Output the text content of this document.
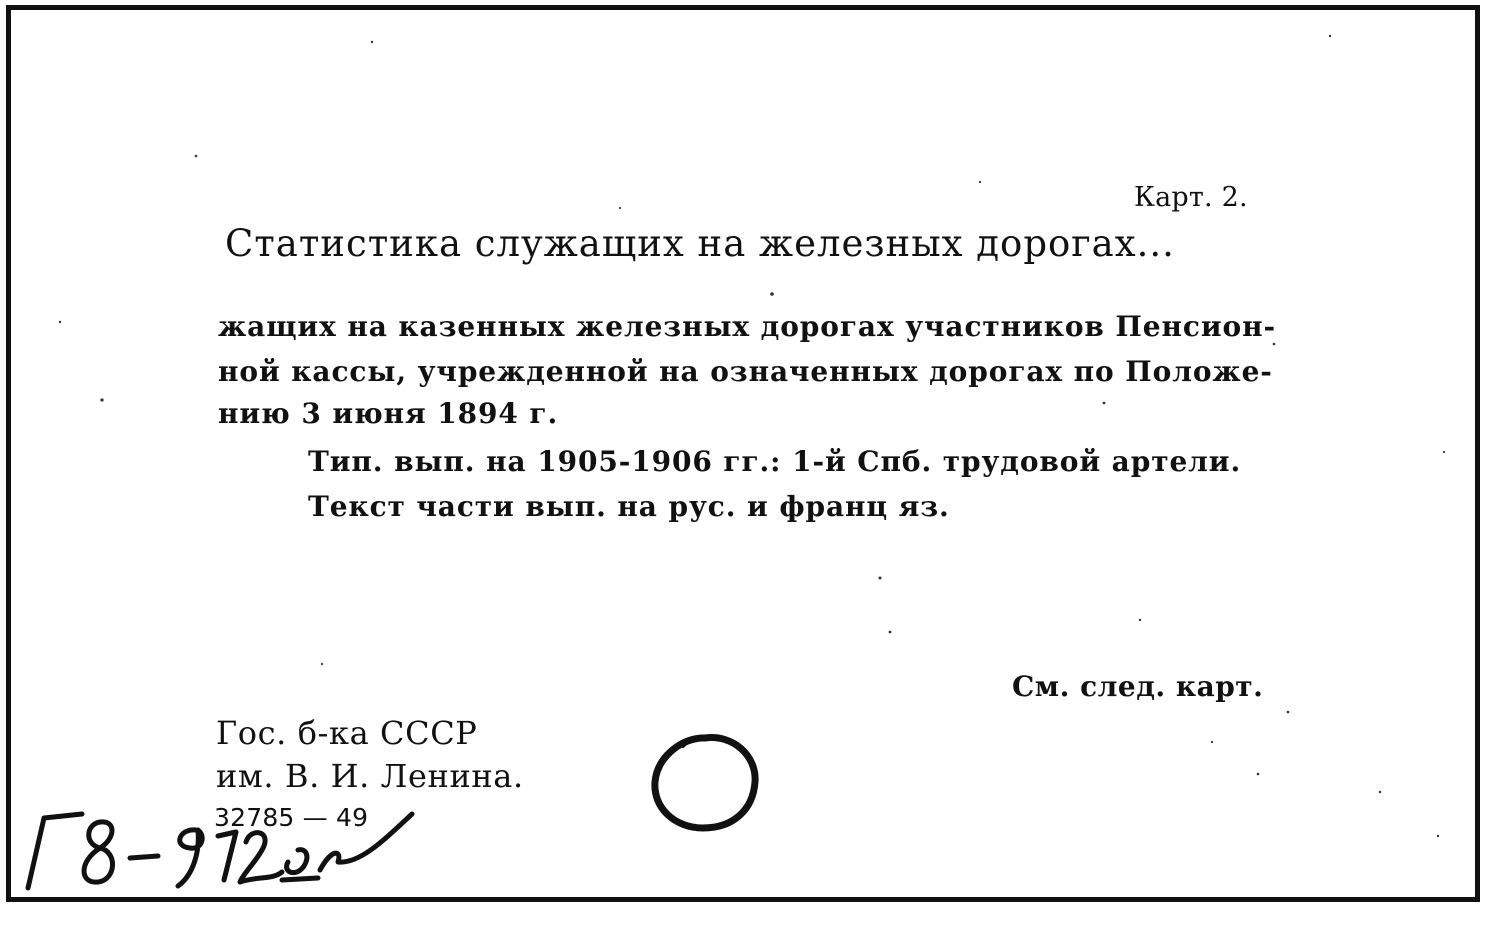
Карт. 2.
Статистика служащих на железных дорогах...
жащих на казенных железных дорогах участников Пенсион-
ной кассы, учрежденной на означенных дорогах по Положе-
нию 3 июня 1894 г.
Тип. вып. на 1905-1906 гг.: 1-й Спб. трудовой артели.
Текст части вып. на рус. и франц яз.
См. след. карт.
Гос. б-ка СССР
им. В. И. Ленина.
32785 — 49
